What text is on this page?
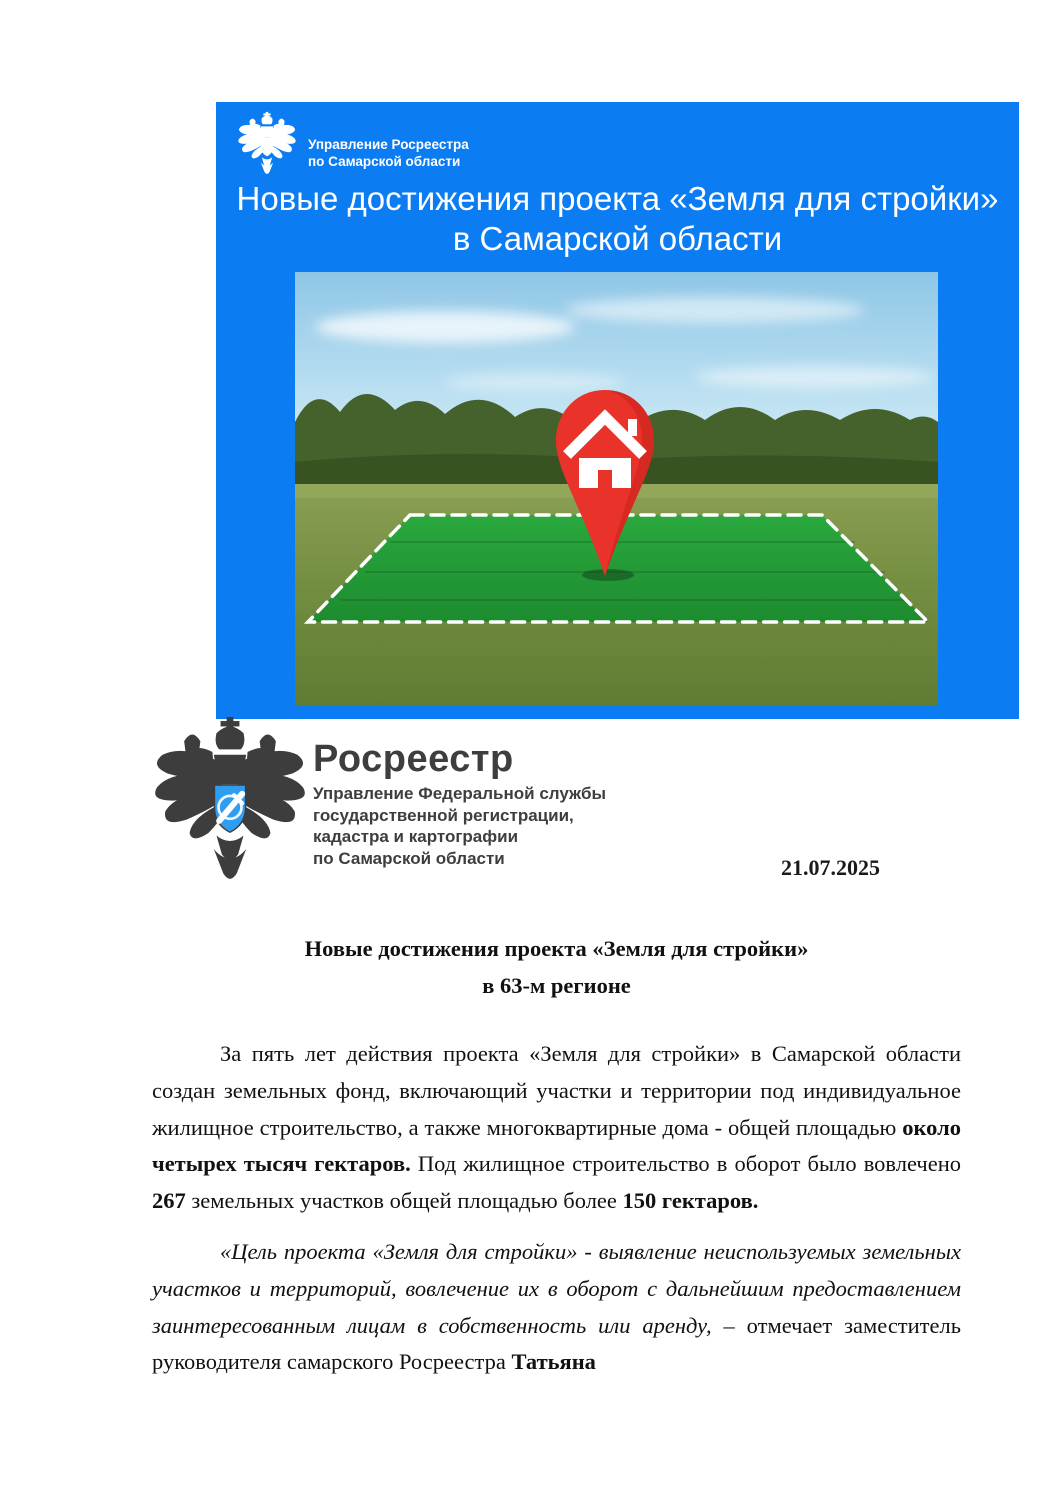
Управление Росреестра
по Самарской области
Новые достижения проекта «Земля для стройки»
в Самарской области
Росреестр
Управление Федеральной службы
государственной регистрации,
кадастра и картографии
по Самарской области	21.07.2025
Новые достижения проекта «Земля для стройки»
в 63-м регионе

За пять лет действия проекта «Земля для стройки» в Самарской области создан земельных фонд, включающий участки и территории под индивидуальное жилищное строительство, а также многоквартирные дома - общей площадью около четырех тысяч гектаров. Под жилищное строительство в оборот было вовлечено 267 земельных участков общей площадью более 150 гектаров.

«Цель проекта «Земля для стройки» - выявление неиспользуемых земельных участков и территорий, вовлечение их в оборот с дальнейшим предоставлением заинтересованным лицам в собственность или аренду, – отмечает заместитель руководителя самарского Росреестра Татьяна
